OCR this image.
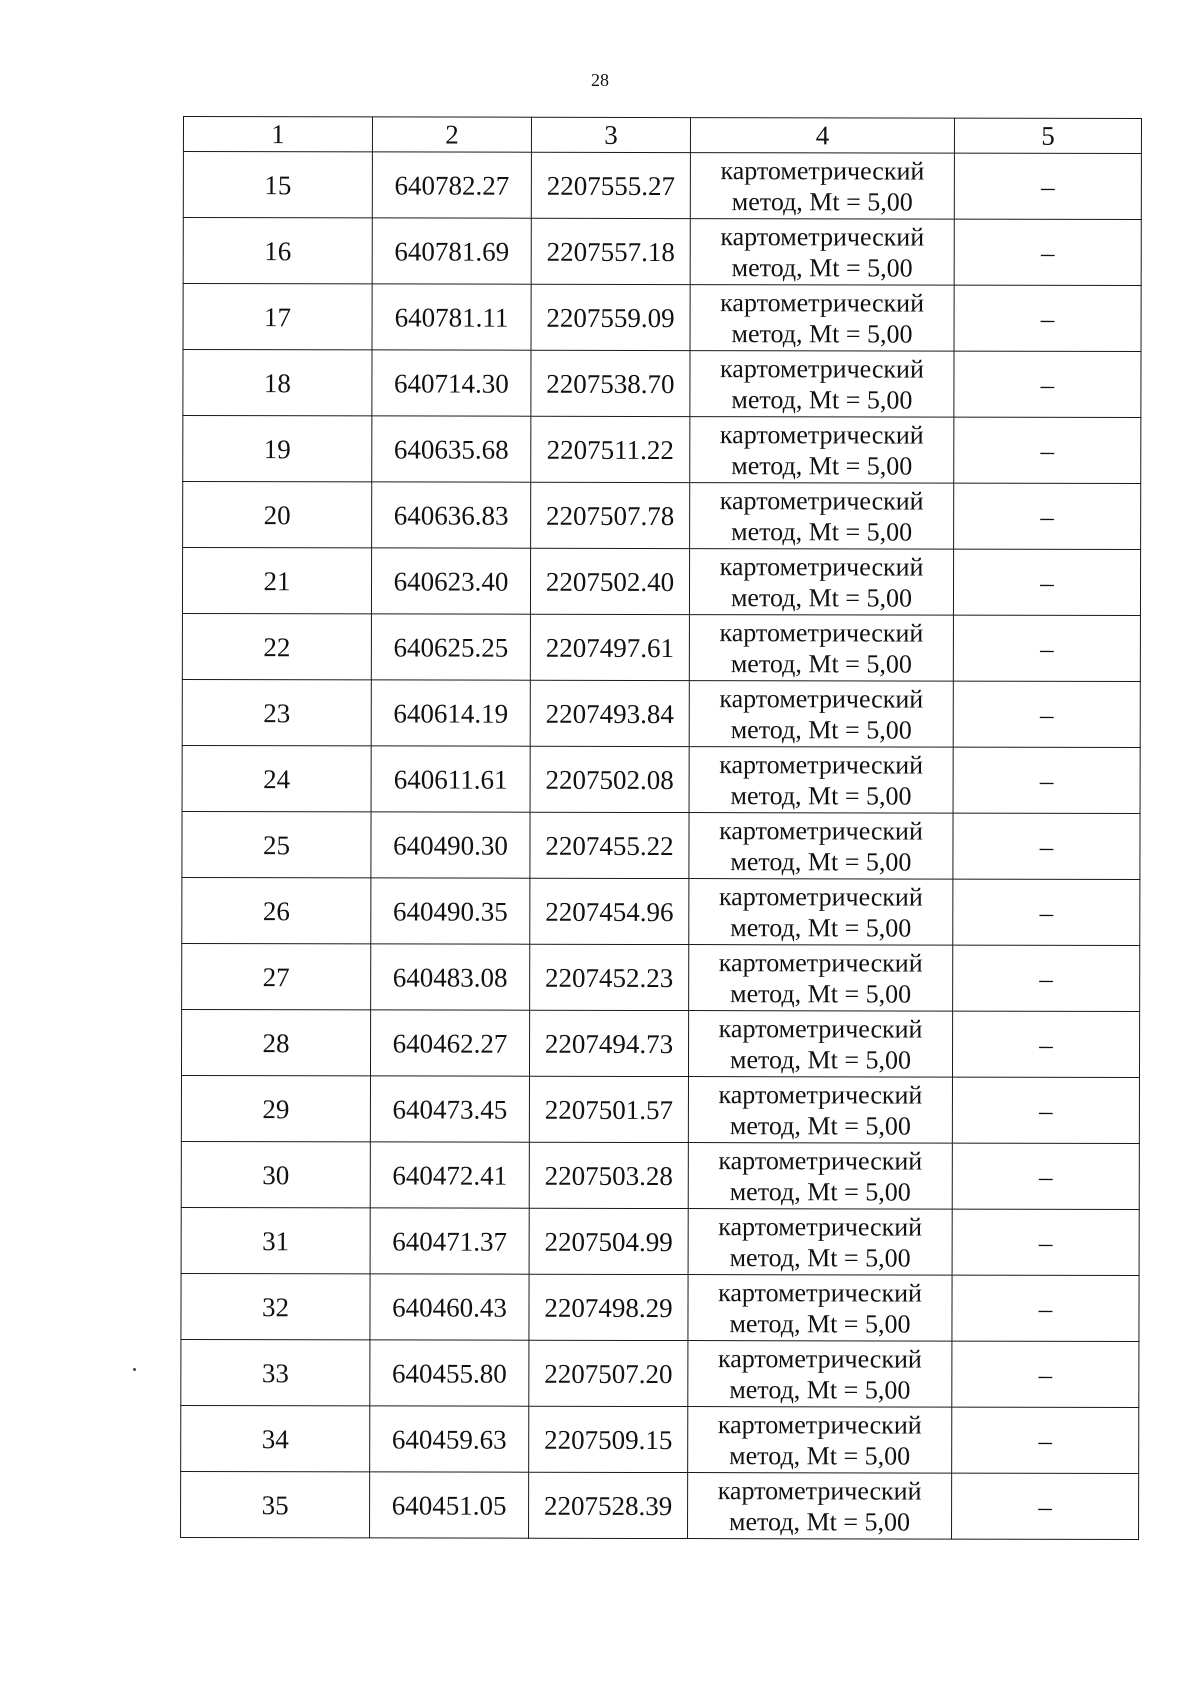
28
1	2	3	4	5
15	640782.27	2207555.27	картометрический метод, Mt = 5,00	–
16	640781.69	2207557.18	картометрический метод, Mt = 5,00	–
17	640781.11	2207559.09	картометрический метод, Mt = 5,00	–
18	640714.30	2207538.70	картометрический метод, Mt = 5,00	–
19	640635.68	2207511.22	картометрический метод, Mt = 5,00	–
20	640636.83	2207507.78	картометрический метод, Mt = 5,00	–
21	640623.40	2207502.40	картометрический метод, Mt = 5,00	–
22	640625.25	2207497.61	картометрический метод, Mt = 5,00	–
23	640614.19	2207493.84	картометрический метод, Mt = 5,00	–
24	640611.61	2207502.08	картометрический метод, Mt = 5,00	–
25	640490.30	2207455.22	картометрический метод, Mt = 5,00	–
26	640490.35	2207454.96	картометрический метод, Mt = 5,00	–
27	640483.08	2207452.23	картометрический метод, Mt = 5,00	–
28	640462.27	2207494.73	картометрический метод, Mt = 5,00	–
29	640473.45	2207501.57	картометрический метод, Mt = 5,00	–
30	640472.41	2207503.28	картометрический метод, Mt = 5,00	–
31	640471.37	2207504.99	картометрический метод, Mt = 5,00	–
32	640460.43	2207498.29	картометрический метод, Mt = 5,00	–
33	640455.80	2207507.20	картометрический метод, Mt = 5,00	–
34	640459.63	2207509.15	картометрический метод, Mt = 5,00	–
35	640451.05	2207528.39	картометрический метод, Mt = 5,00	–
